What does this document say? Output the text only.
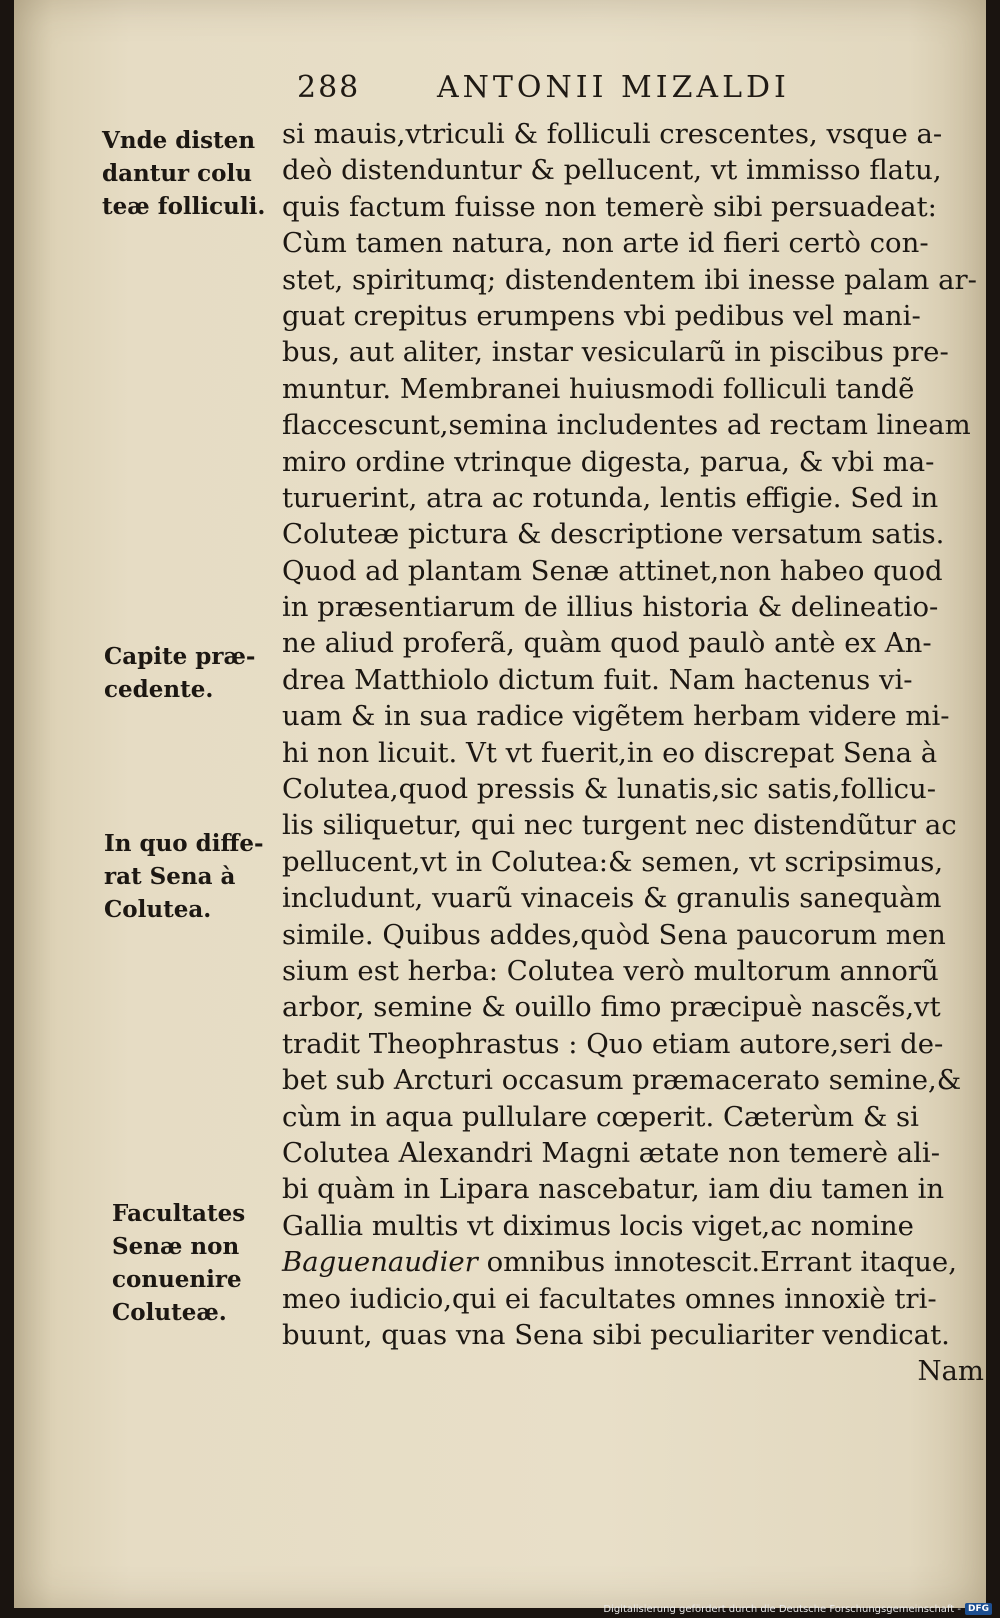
288	ANTONII MIZALDI
si mauis,vtriculi & folliculi crescentes, vsque a-
deò distenduntur & pellucent, vt immisso flatu,
quis factum fuisse non temerè sibi persuadeat:
Cùm tamen natura, non arte id fieri certò con-
stet, spiritumq; distendentem ibi inesse palam ar-
guat crepitus erumpens vbi pedibus vel mani-
bus, aut aliter, instar vesicularũ in piscibus pre-
muntur. Membranei huiusmodi folliculi tandẽ
flaccescunt,semina includentes ad rectam lineam
miro ordine vtrinque digesta, parua, & vbi ma-
turuerint, atra ac rotunda, lentis effigie. Sed in
Coluteæ pictura & descriptione versatum satis.
Quod ad plantam Senæ attinet,non habeo quod
in præsentiarum de illius historia & delineatio-
ne aliud proferã, quàm quod paulò antè ex An-
drea Matthiolo dictum fuit. Nam hactenus vi-
uam & in sua radice vigẽtem herbam videre mi-
hi non licuit. Vt vt fuerit,in eo discrepat Sena à
Colutea,quod pressis & lunatis,sic satis,follicu-
lis siliquetur, qui nec turgent nec distendũtur ac
pellucent,vt in Colutea:& semen, vt scripsimus,
includunt, vuarũ vinaceis & granulis sanequàm
simile. Quibus addes,quòd Sena paucorum men
sium est herba: Colutea verò multorum annorũ
arbor, semine & ouillo fimo præcipuè nascẽs,vt
tradit Theophrastus : Quo etiam autore,seri de-
bet sub Arcturi occasum præmacerato semine,&
cùm in aqua pullulare cœperit. Cæterùm & si
Colutea Alexandri Magni ætate non temerè ali-
bi quàm in Lipara nascebatur, iam diu tamen in
Gallia multis vt diximus locis viget,ac nomine
Baguenaudier omnibus innotescit.Errant itaque,
meo iudicio,qui ei facultates omnes innoxiè tri-
buunt, quas vna Sena sibi peculiariter vendicat.
Nam
Vnde disten
dantur colu
teæ folliculi.
Capite præ-
cedente.
In quo diffe-
rat Sena à
Colutea.
Facultates
Senæ non
conuenire
Coluteæ.
Digitalisierung gefördert durch die Deutsche Forschungsgemeinschaft - DFG
